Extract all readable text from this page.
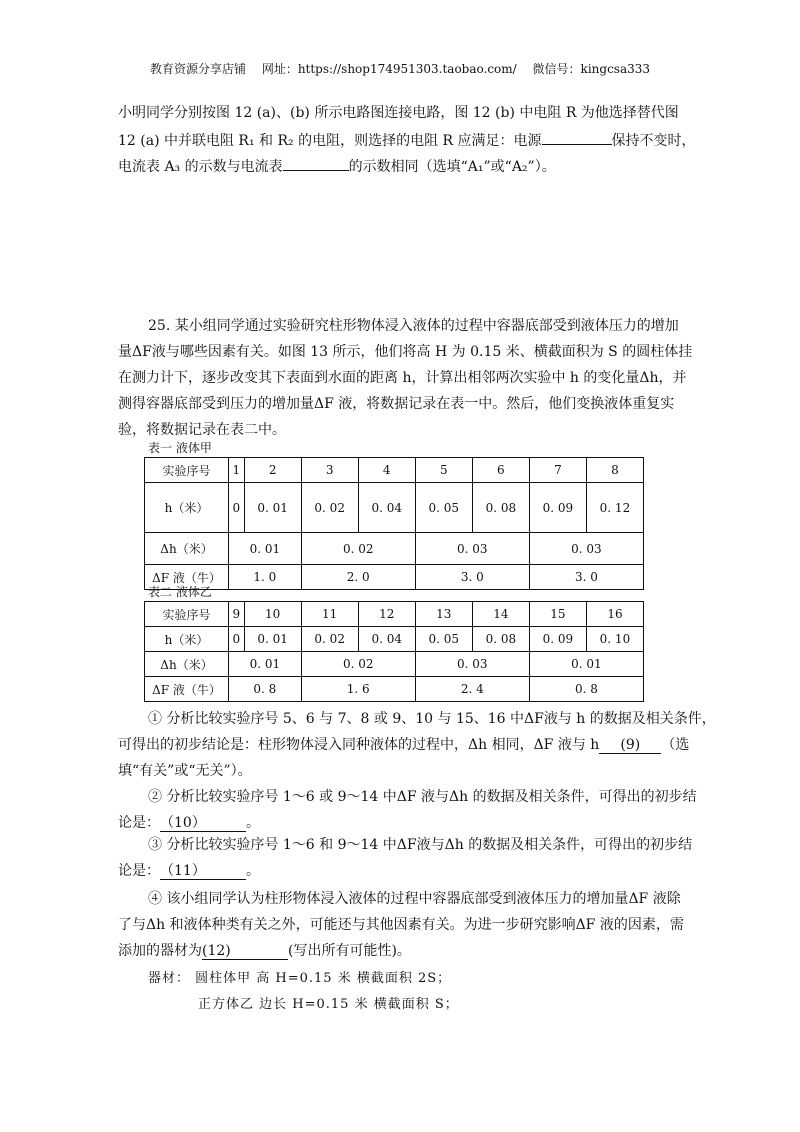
教育资源分享店铺 网址：https://shop174951303.taobao.com/ 微信号：kingcsa333
小明同学分别按图 12 (a)、(b) 所示电路图连接电路，图 12 (b) 中电阻 R 为他选择替代图
12 (a) 中并联电阻 R₁ 和 R₂ 的电阻，则选择的电阻 R 应满足：电源	保持不变时，
电流表 A₃ 的示数与电流表	的示数相同（选填“A₁”或“A₂”）。
25. 某小组同学通过实验研究柱形物体浸入液体的过程中容器底部受到液体压力的增加
量ΔF液与哪些因素有关。如图 13 所示，他们将高 H 为 0.15 米、横截面积为 S 的圆柱体挂
在测力计下，逐步改变其下表面到水面的距离 h，计算出相邻两次实验中 h 的变化量Δh，并
测得容器底部受到压力的增加量ΔF 液，将数据记录在表一中。然后，他们变换液体重复实
验，将数据记录在表二中。
表一 液体甲
实验序号	1	2	3	4	5	6	7	8
h（米）	0	0. 01	0. 02	0. 04	0. 05	0. 08	0. 09	0. 12
Δh（米）	0. 01		0. 02		0. 03		0. 03	
ΔF 液（牛）	1. 0		2. 0		3. 0		3. 0	
表二 液体乙
实验序号	9	10	11	12	13	14	15	16
h（米）	0	0. 01	0. 02	0. 04	0. 05	0. 08	0. 09	0. 10
Δh（米）	0. 01		0. 02		0. 03		0. 01	
ΔF 液（牛）	0. 8		1. 6		2. 4		0. 8	
① 分析比较实验序号 5、6 与 7、8 或 9、10 与 15、16 中ΔF液与 h 的数据及相关条件，
可得出的初步结论是：柱形物体浸入同种液体的过程中，Δh 相同，ΔF 液与 h (9) （选
填“有关”或“无关”）。
② 分析比较实验序号 1～6 或 9～14 中ΔF 液与Δh 的数据及相关条件，可得出的初步结
论是：（10）	。
③ 分析比较实验序号 1～6 和 9～14 中ΔF液与Δh 的数据及相关条件，可得出的初步结
论是：（11）	。
④ 该小组同学认为柱形物体浸入液体的过程中容器底部受到液体压力的增加量ΔF 液除
了与Δh 和液体种类有关之外，可能还与其他因素有关。为进一步研究影响ΔF 液的因素，需
添加的器材为(12)	(写出所有可能性)。
器材： 圆柱体甲 高 H=0.15 米 横截面积 2S；
正方体乙 边长 H=0.15 米 横截面积 S；
